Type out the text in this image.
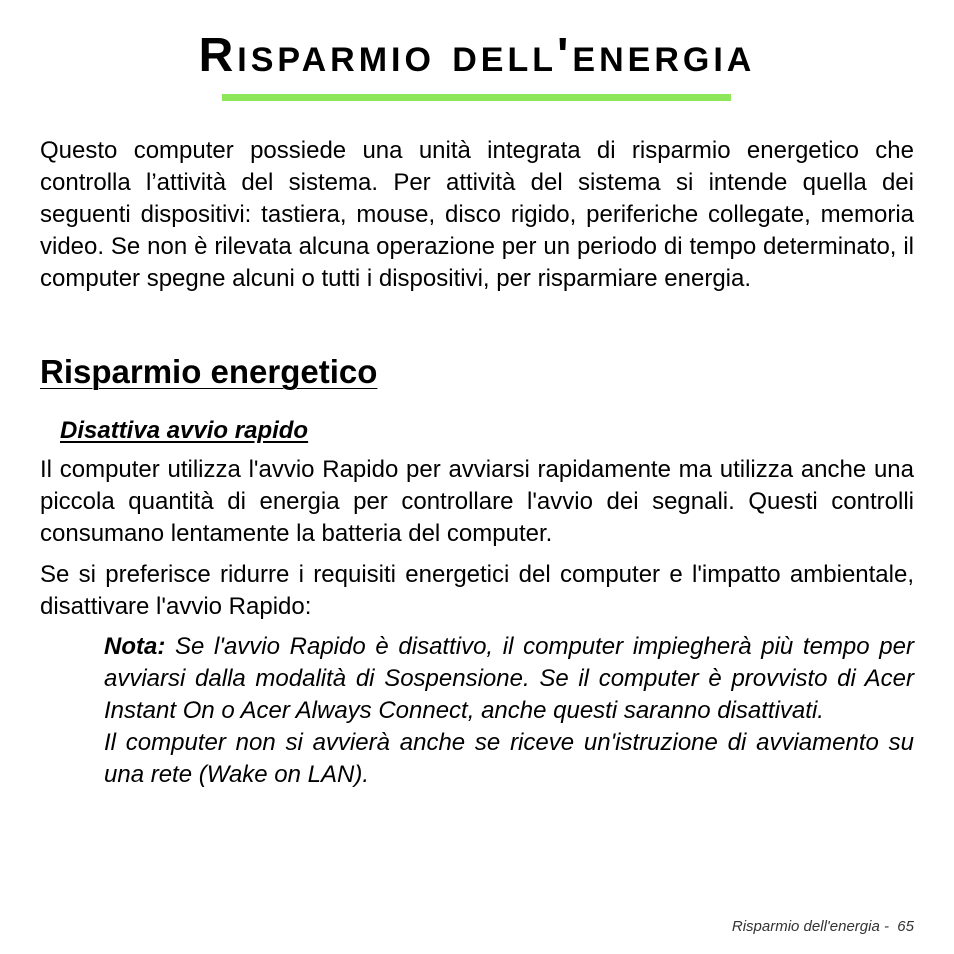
Risparmio dell'energia

Questo computer possiede una unità integrata di risparmio energetico che controlla l’attività del sistema. Per attività del sistema si intende quella dei seguenti dispositivi: tastiera, mouse, disco rigido, periferiche collegate, memoria video. Se non è rilevata alcuna operazione per un periodo di tempo determinato, il computer spegne alcuni o tutti i dispositivi, per risparmiare energia.

Risparmio energetico
Disattiva avvio rapido

Il computer utilizza l'avvio Rapido per avviarsi rapidamente ma utilizza anche una piccola quantità di energia per controllare l'avvio dei segnali. Questi controlli consumano lentamente la batteria del computer.

Se si preferisce ridurre i requisiti energetici del computer e l'impatto ambientale, disattivare l'avvio Rapido:

Nota: Se l'avvio Rapido è disattivo, il computer impiegherà più tempo per avviarsi dalla modalità di Sospensione. Se il computer è provvisto di Acer Instant On o Acer Always Connect, anche questi saranno disattivati.

Il computer non si avvierà anche se riceve un'istruzione di avviamento su una rete (Wake on LAN).

Risparmio dell'energia -  65
